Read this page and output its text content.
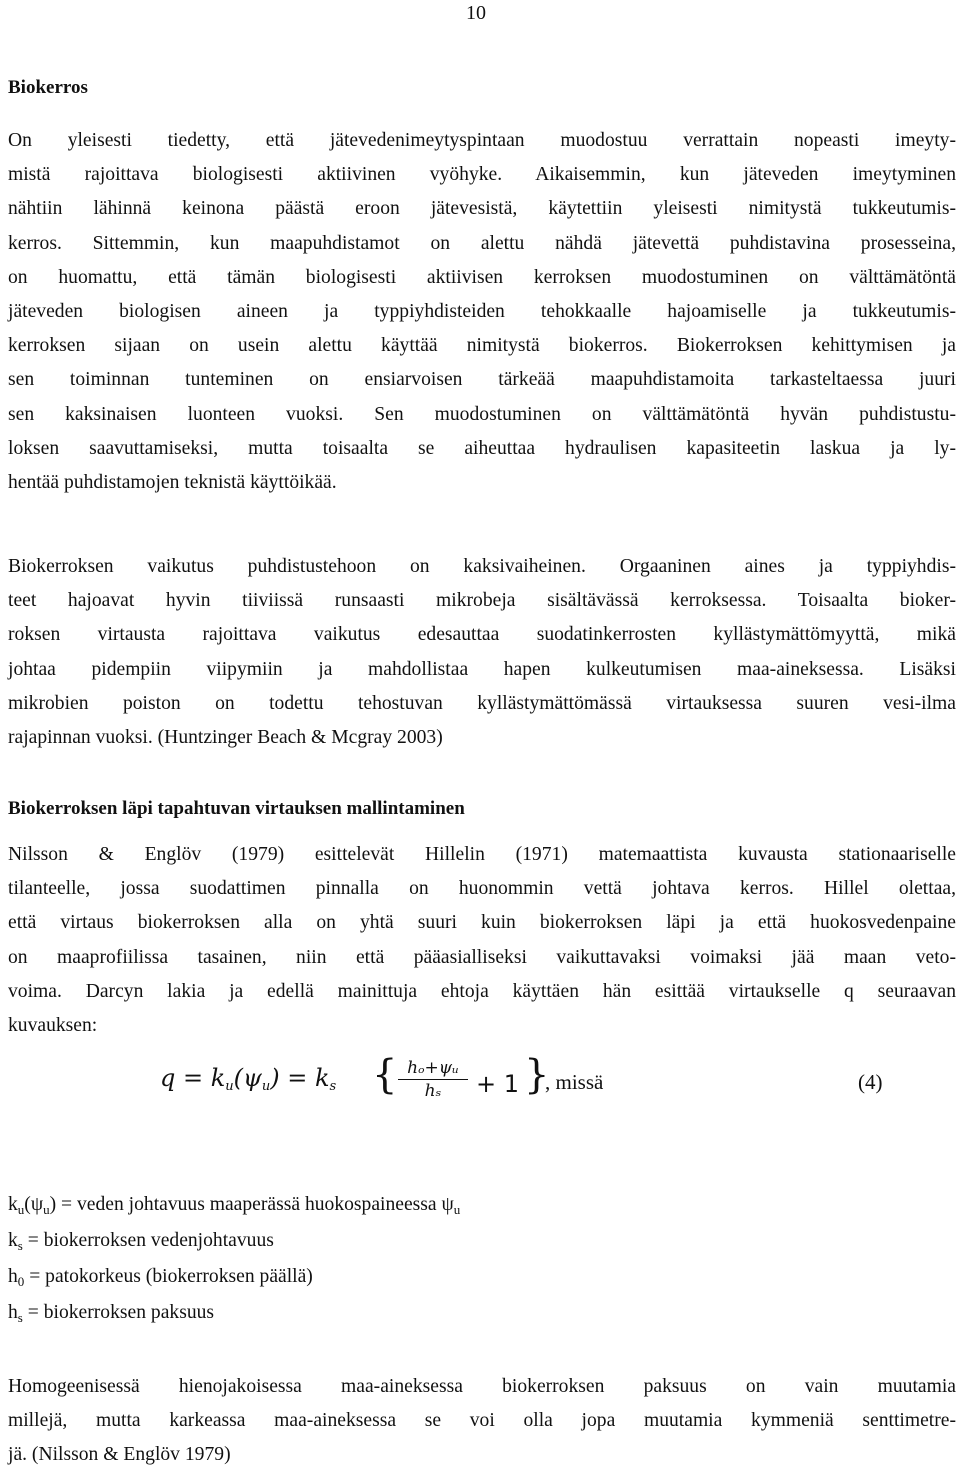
10
Biokerros
On yleisesti tiedetty, että jätevedenimeytyspintaan muodostuu verrattain nopeasti imeyty-
mistä rajoittava biologisesti aktiivinen vyöhyke. Aikaisemmin, kun jäteveden imeytyminen
nähtiin lähinnä keinona päästä eroon jätevesistä, käytettiin yleisesti nimitystä tukkeutumis-
kerros. Sittemmin, kun maapuhdistamot on alettu nähdä jätevettä puhdistavina prosesseina,
on huomattu, että tämän biologisesti aktiivisen kerroksen muodostuminen on välttämätöntä
jäteveden biologisen aineen ja typpiyhdisteiden tehokkaalle hajoamiselle ja tukkeutumis-
kerroksen sijaan on usein alettu käyttää nimitystä biokerros. Biokerroksen kehittymisen ja
sen toiminnan tunteminen on ensiarvoisen tärkeää maapuhdistamoita tarkasteltaessa juuri
sen kaksinaisen luonteen vuoksi. Sen muodostuminen on välttämätöntä hyvän puhdistustu-
loksen saavuttamiseksi, mutta toisaalta se aiheuttaa hydraulisen kapasiteetin laskua ja ly-
hentää puhdistamojen teknistä käyttöikää.
Biokerroksen vaikutus puhdistustehoon on kaksivaiheinen. Orgaaninen aines ja typpiyhdis-
teet hajoavat hyvin tiiviissä runsaasti mikrobeja sisältävässä kerroksessa. Toisaalta bioker-
roksen virtausta rajoittava vaikutus edesauttaa suodatinkerrosten kyllästymättömyyttä, mikä
johtaa pidempiin viipymiin ja mahdollistaa hapen kulkeutumisen maa-aineksessa. Lisäksi
mikrobien poiston on todettu tehostuvan kyllästymättömässä virtauksessa suuren vesi-ilma
rajapinnan vuoksi. (Huntzinger Beach & Mcgray 2003)
Biokerroksen läpi tapahtuvan virtauksen mallintaminen
Nilsson & Englöv (1979) esittelevät Hillelin (1971) matemaattista kuvausta stationaariselle
tilanteelle, jossa suodattimen pinnalla on huonommin vettä johtava kerros. Hillel olettaa,
että virtaus biokerroksen alla on yhtä suuri kuin biokerroksen läpi ja että huokosvedenpaine
on maaprofiilissa tasainen, niin että pääasialliseksi vaikuttavaksi voimaksi jää maan veto-
voima. Darcyn lakia ja edellä mainittuja ehtoja käyttäen hän esittää virtaukselle q seuraavan
kuvauksen:
$q = k_u(\psi_u) = k_s$ { $\frac{\text{hₒ+ψᵤ}}{\text{hₛ}} + 1$ }
, missä	(4)
$k_u(\psi_u)$ = veden johtavuus maaperässä huokospaineessa $\psi_u$
$k_s$ = biokerroksen vedenjohtavuus
$h_0$ = patokorkeus (biokerroksen päällä)
$h_s$ = biokerroksen paksuus
Homogeenisessä hienojakoisessa maa-aineksessa biokerroksen paksuus on vain muutamia
millejä, mutta karkeassa maa-aineksessa se voi olla jopa muutamia kymmeniä senttimetre-
jä. (Nilsson & Englöv 1979)
